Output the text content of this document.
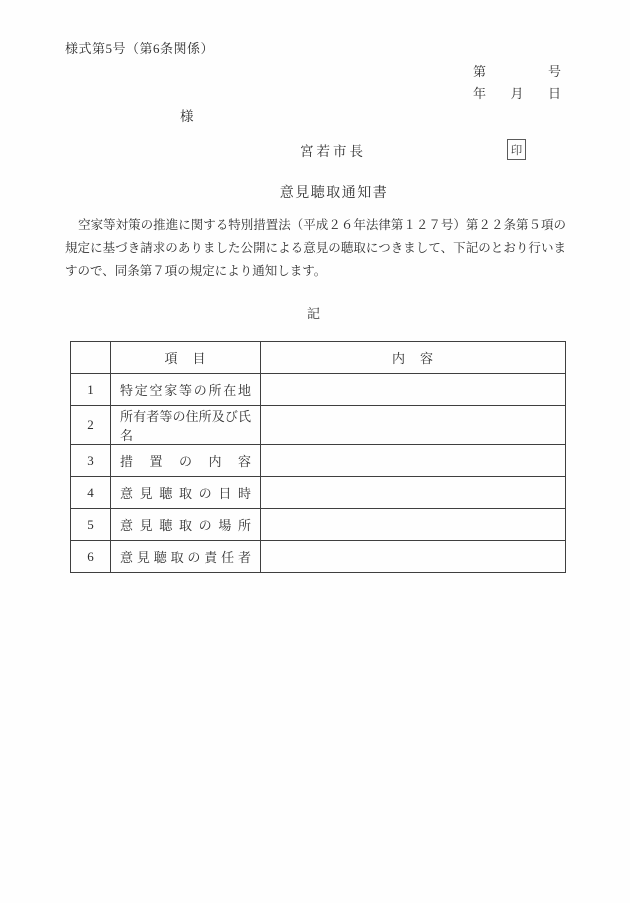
様式第5号（第6条関係）
第	号
年 月 日
様
宮若市長	印
意見聴取通知書
空家等対策の推進に関する特別措置法（平成２６年法律第１２７号）第２２条第５項の規定に基づき請求のありました公開による意見の聴取につきまして、下記のとおり行いますので、同条第７項の規定により通知します。
記
	項　目	内　容
1	特定空家等の所在地	
2	所有者等の住所及び氏名	
3	措置の内容	
4	意見聴取の日時	
5	意見聴取の場所	
6	意見聴取の責任者	
